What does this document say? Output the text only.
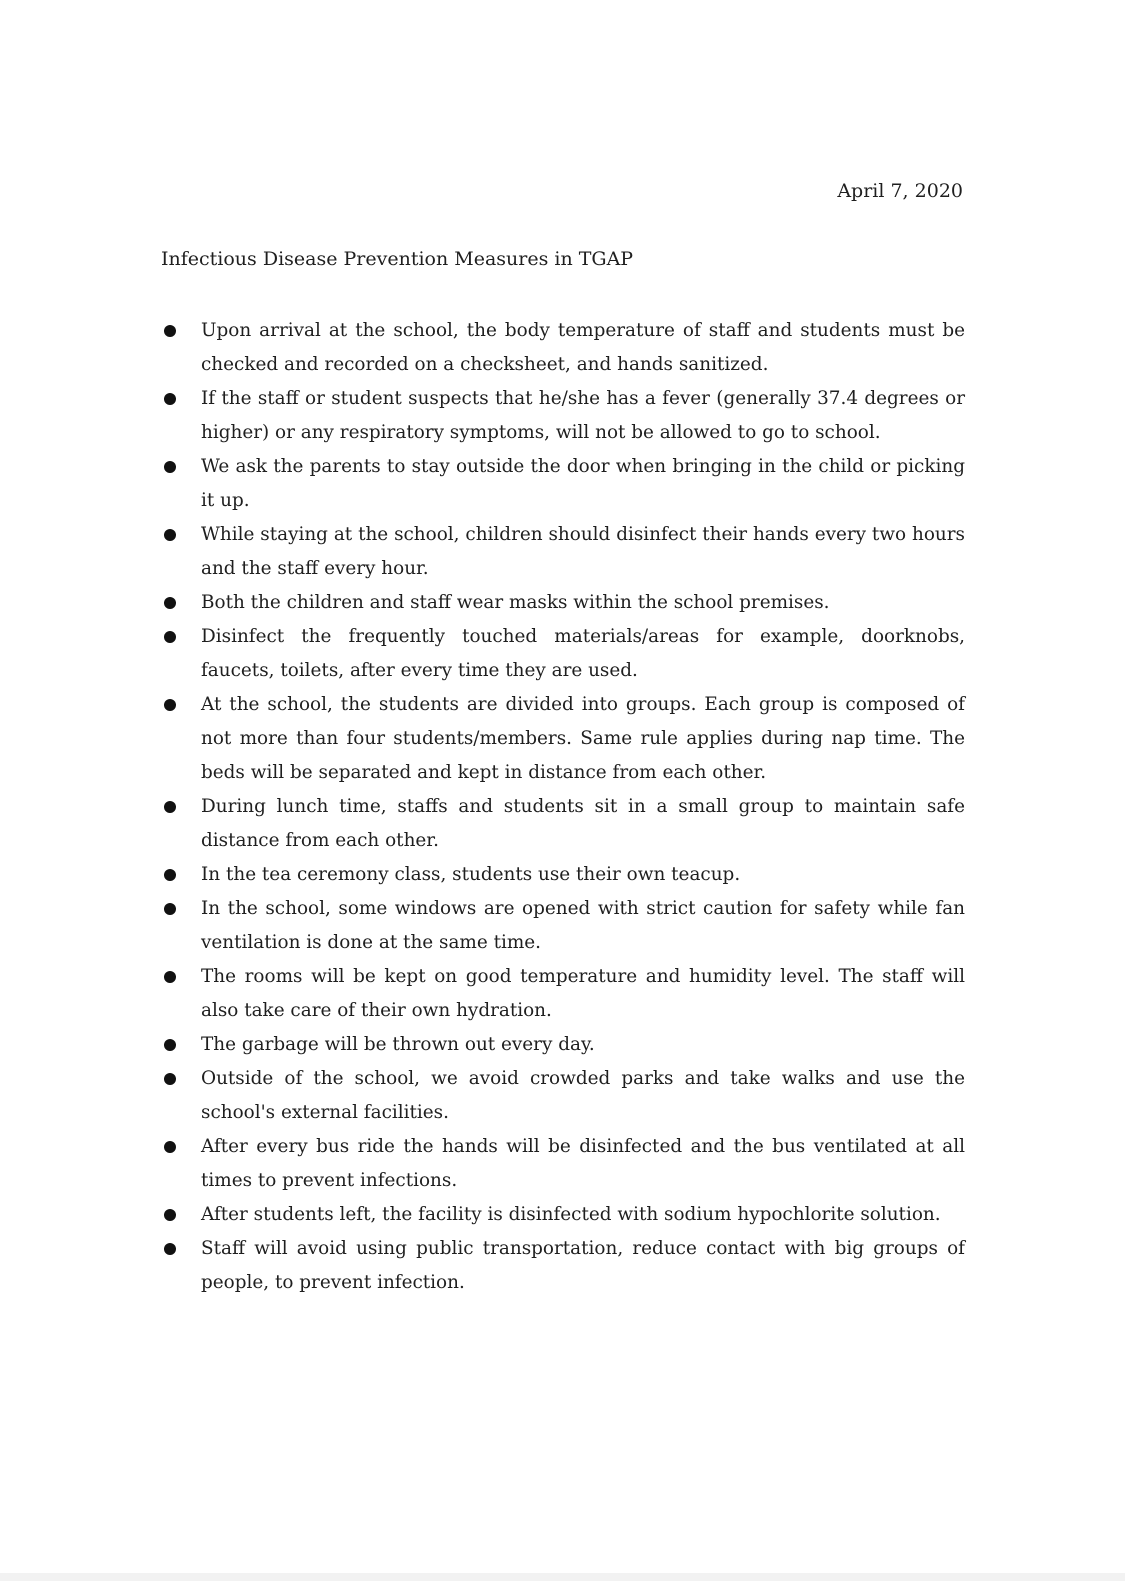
April 7, 2020
Infectious Disease Prevention Measures in TGAP
Upon arrival at the school, the body temperature of staff and students must be checked and recorded on a checksheet, and hands sanitized.
If the staff or student suspects that he/she has a fever (generally 37.4 degrees or higher) or any respiratory symptoms, will not be allowed to go to school.
We ask the parents to stay outside the door when bringing in the child or picking it up.
While staying at the school, children should disinfect their hands every two hours and the staff every hour.
Both the children and staff wear masks within the school premises.
Disinfect the frequently touched materials/areas for example, doorknobs, faucets, toilets, after every time they are used.
At the school, the students are divided into groups. Each group is composed of not more than four students/members. Same rule applies during nap time. The beds will be separated and kept in distance from each other.
During lunch time, staffs and students sit in a small group to maintain safe distance from each other.
In the tea ceremony class, students use their own teacup.
In the school, some windows are opened with strict caution for safety while fan ventilation is done at the same time.
The rooms will be kept on good temperature and humidity level. The staff will also take care of their own hydration.
The garbage will be thrown out every day.
Outside of the school, we avoid crowded parks and take walks and use the school's external facilities.
After every bus ride the hands will be disinfected and the bus ventilated at all times to prevent infections.
After students left, the facility is disinfected with sodium hypochlorite solution.
Staff will avoid using public transportation, reduce contact with big groups of people, to prevent infection.
